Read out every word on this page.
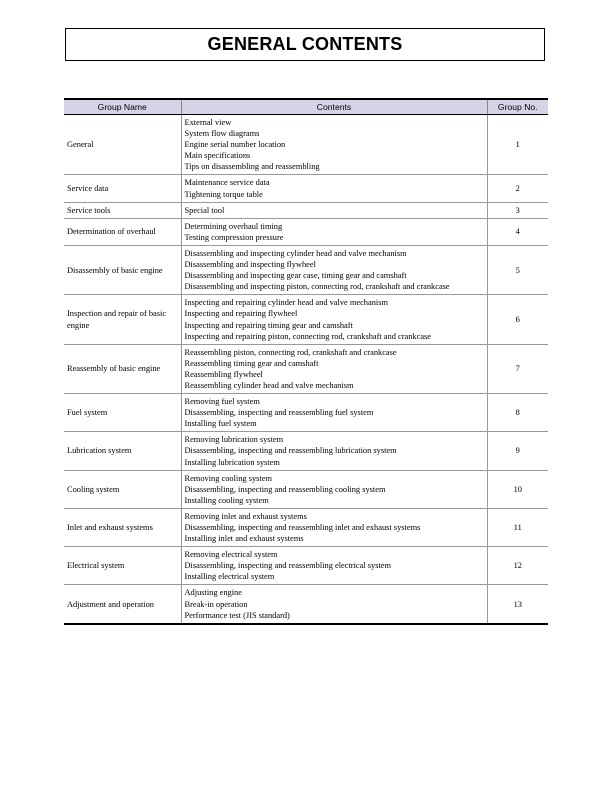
GENERAL CONTENTS
Group Name	Contents	Group No.
General	External view
System flow diagrams
Engine serial number location
Main specifications
Tips on disassembling and reassembling	1
Service data	Maintenance service data
Tightening torque table	2
Service tools	Special tool	3
Determination of overhaul	Determining overhaul timing
Testing compression pressure	4
Disassembly of basic engine	Disassembling and inspecting cylinder head and valve mechanism
Disassembling and inspecting flywheel
Disassembling and inspecting gear case, timing gear and camshaft
Disassembling and inspecting piston, connecting rod, crankshaft and crankcase	5
Inspection and repair of basic engine	Inspecting and repairing cylinder head and valve mechanism
Inspecting and repairing flywheel
Inspecting and repairing timing gear and camshaft
Inspecting and repairing piston, connecting rod, crankshaft and crankcase	6
Reassembly of basic engine	Reassembling piston, connecting rod, crankshaft and crankcase
Reassembling timing gear and camshaft
Reassembling flywheel
Reassembling cylinder head and valve mechanism	7
Fuel system	Removing fuel system
Disassembling, inspecting and reassembling fuel system
Installing fuel system	8
Lubrication system	Removing lubrication system
Disassembling, inspecting and reassembling lubrication system
Installing lubrication system	9
Cooling system	Removing cooling system
Disassembling, inspecting and reassembling cooling system
Installing cooling system	10
Inlet and exhaust systems	Removing inlet and exhaust systems
Disassembling, inspecting and reassembling inlet and exhaust systems
Installing inlet and exhaust systems	11
Electrical system	Removing electrical system
Disassembling, inspecting and reassembling electrical system
Installing electrical system	12
Adjustment and operation	Adjusting engine
Break-in operation
Performance test (JIS standard)	13
